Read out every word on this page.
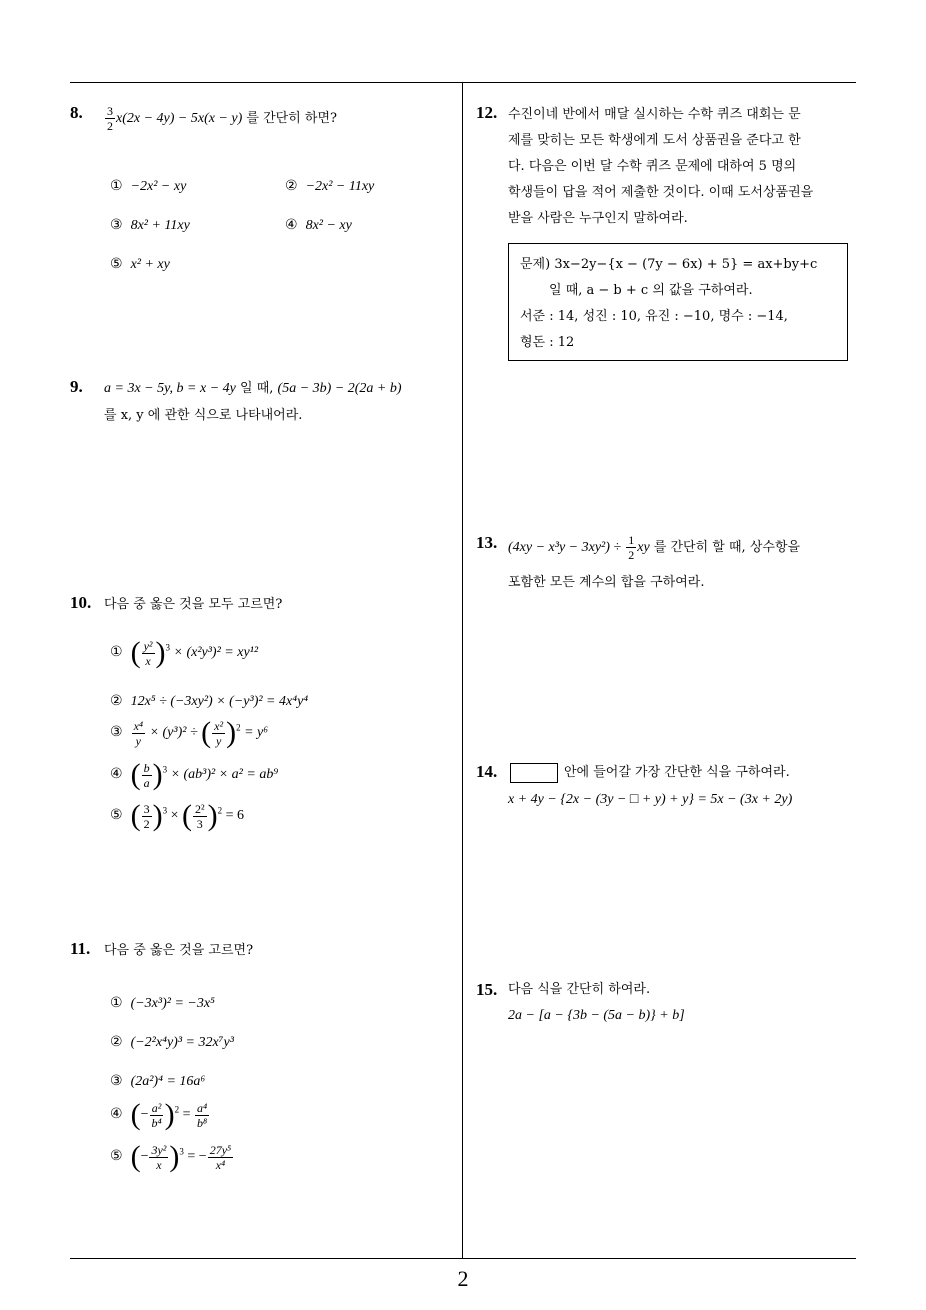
8. $\frac{3}{2} x(2x - 4y) - 5x(x - y)$ 를 간단히 하면?
① −2x² − xy	② −2x² − 11xy
③ 8x² + 11xy	④ 8x² − xy
⑤ x² + xy
9. a = 3x − 5y, b = x − 4y 일 때, (5a − 3b) − 2(2a + b)
를 x, y 에 관한 식으로 나타내어라.
10. 다음 중 옳은 것을 모두 고르면?
① ( $\frac{\text{y²}}{x} )^3 \times (x^2y^3)^2 = xy^{12}$
② 12x⁵ ÷ (−3xy²) × (−y³)² = 4x⁴y⁴
③ $\frac{\text{x⁴}}{y} \times (y^3)^2$ ÷ ( $\frac{\text{x²}}{y} )^2 = y^6$
④ ( $\frac{b}{a} )^3 \times (ab^3)^2 \times a^2 = ab^9$
⑤ ( $\frac{3}{2} )^3$ × ( $\frac{\text{2²}}{3} )^2 = 6$
11. 다음 중 옳은 것을 고르면?
① (−3x³)² = −3x⁵
② (−2²x⁴y)³ = 32x⁷y³
③ (2a²)⁴ = 16a⁶
④ (− $\frac{\text{a²}}{\text{b⁴}} )^2 = \frac{\text{a⁴}}{\text{b⁸}}$
⑤ (− $\frac{\text{3y²}}{x} )^3$ = − $\frac{\text{27y⁵}}{\text{x⁴}}$
12. 수진이네 반에서 매달 실시하는 수학 퀴즈 대회는 문
제를 맞히는 모든 학생에게 도서 상품권을 준다고 한
다. 다음은 이번 달 수학 퀴즈 문제에 대하여 5 명의
학생들이 답을 적어 제출한 것이다. 이때 도서상품권을
받을 사람은 누구인지 말하여라.
문제) 3x−2y−{x − (7y − 6x) + 5} = ax+by+c
일 때, a − b + c 의 값을 구하여라.
서준 : 14, 성진 : 10, 유진 : −10, 명수 : −14,
형돈 : 12
13. $(4xy - x^3y - 3xy^2) \div \frac{1}{2}$ xy 를 간단히 할 때, 상수항을
포함한 모든 계수의 합을 구하여라.
14.	안에 들어갈 가장 간단한 식을 구하여라.
x + 4y − {2x − (3y − □ + y) + y} = 5x − (3x + 2y)
15. 다음 식을 간단히 하여라.
2a − [a − {3b − (5a − b)} + b]
2
